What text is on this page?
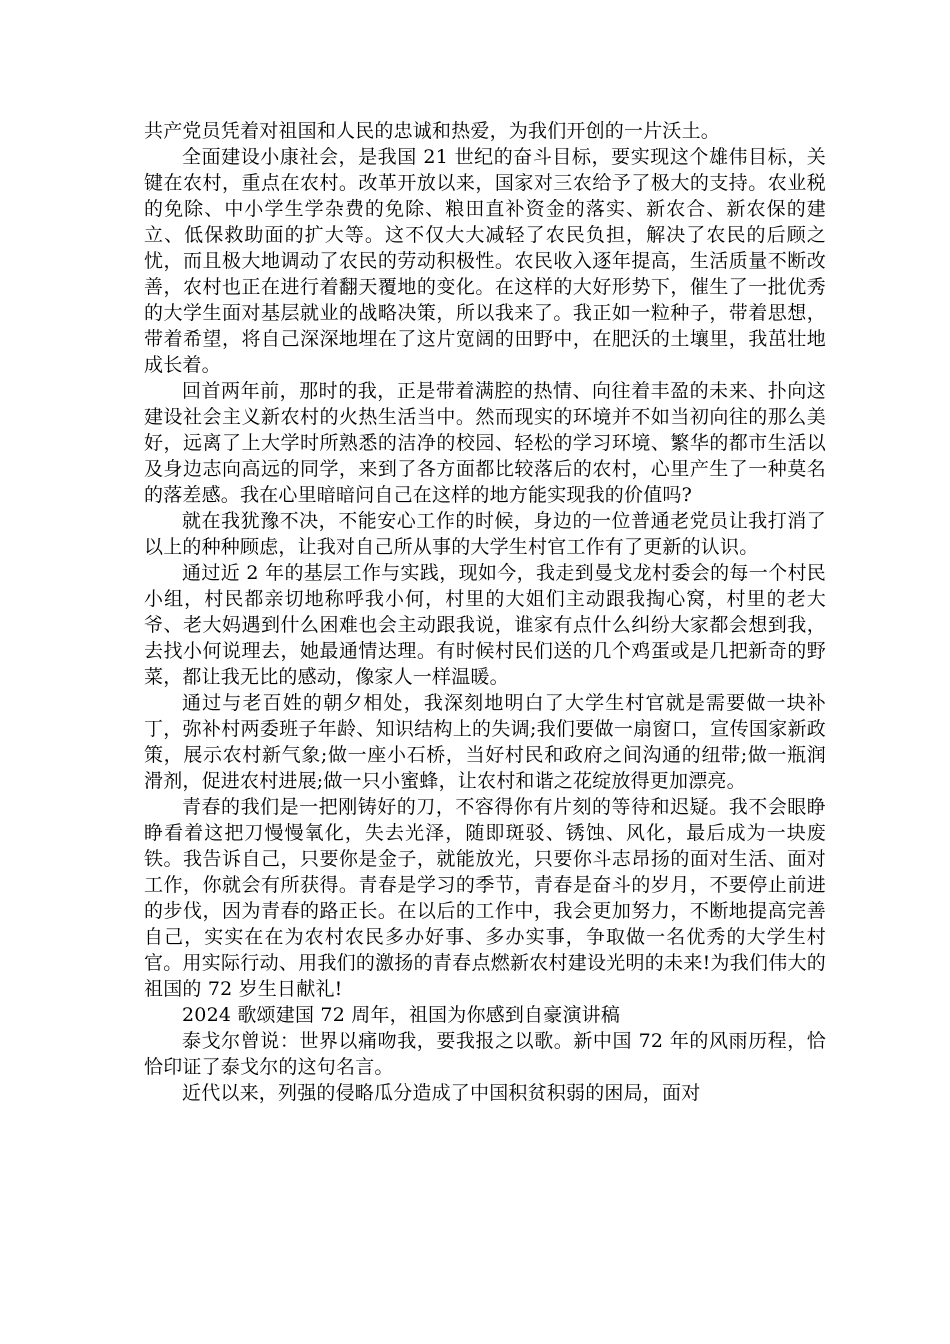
共产党员凭着对祖国和人民的忠诚和热爱，为我们开创的一片沃土。

全面建设小康社会，是我国 21 世纪的奋斗目标，要实现这个雄伟目标，关键在农村，重点在农村。改革开放以来，国家对三农给予了极大的支持。农业税的免除、中小学生学杂费的免除、粮田直补资金的落实、新农合、新农保的建立、低保救助面的扩大等。这不仅大大减轻了农民负担，解决了农民的后顾之忧，而且极大地调动了农民的劳动积极性。农民收入逐年提高，生活质量不断改善，农村也正在进行着翻天覆地的变化。在这样的大好形势下，催生了一批优秀的大学生面对基层就业的战略决策，所以我来了。我正如一粒种子，带着思想，带着希望，将自己深深地埋在了这片宽阔的田野中，在肥沃的土壤里，我茁壮地成长着。

回首两年前，那时的我，正是带着满腔的热情、向往着丰盈的未来、扑向这建设社会主义新农村的火热生活当中。然而现实的环境并不如当初向往的那么美好，远离了上大学时所熟悉的洁净的校园、轻松的学习环境、繁华的都市生活以及身边志向高远的同学，来到了各方面都比较落后的农村，心里产生了一种莫名的落差感。我在心里暗暗问自己在这样的地方能实现我的价值吗?

就在我犹豫不决，不能安心工作的时候，身边的一位普通老党员让我打消了以上的种种顾虑，让我对自己所从事的大学生村官工作有了更新的认识。

通过近 2 年的基层工作与实践，现如今，我走到曼戈龙村委会的每一个村民小组，村民都亲切地称呼我小何，村里的大姐们主动跟我掏心窝，村里的老大爷、老大妈遇到什么困难也会主动跟我说，谁家有点什么纠纷大家都会想到我，去找小何说理去，她最通情达理。有时候村民们送的几个鸡蛋或是几把新奇的野菜，都让我无比的感动，像家人一样温暖。

通过与老百姓的朝夕相处，我深刻地明白了大学生村官就是需要做一块补丁，弥补村两委班子年龄、知识结构上的失调;我们要做一扇窗口，宣传国家新政策，展示农村新气象;做一座小石桥，当好村民和政府之间沟通的纽带;做一瓶润滑剂，促进农村进展;做一只小蜜蜂，让农村和谐之花绽放得更加漂亮。

青春的我们是一把刚铸好的刀，不容得你有片刻的等待和迟疑。我不会眼睁睁看着这把刀慢慢氧化，失去光泽，随即斑驳、锈蚀、风化，最后成为一块废铁。我告诉自己，只要你是金子，就能放光，只要你斗志昂扬的面对生活、面对工作，你就会有所获得。青春是学习的季节，青春是奋斗的岁月，不要停止前进的步伐，因为青春的路正长。在以后的工作中，我会更加努力，不断地提高完善自己，实实在在为农村农民多办好事、多办实事，争取做一名优秀的大学生村官。用实际行动、用我们的激扬的青春点燃新农村建设光明的未来!为我们伟大的祖国的 72 岁生日献礼!

2024 歌颂建国 72 周年，祖国为你感到自豪演讲稿

泰戈尔曾说：世界以痛吻我，要我报之以歌。新中国 72 年的风雨历程，恰恰印证了泰戈尔的这句名言。

近代以来，列强的侵略瓜分造成了中国积贫积弱的困局，面对
